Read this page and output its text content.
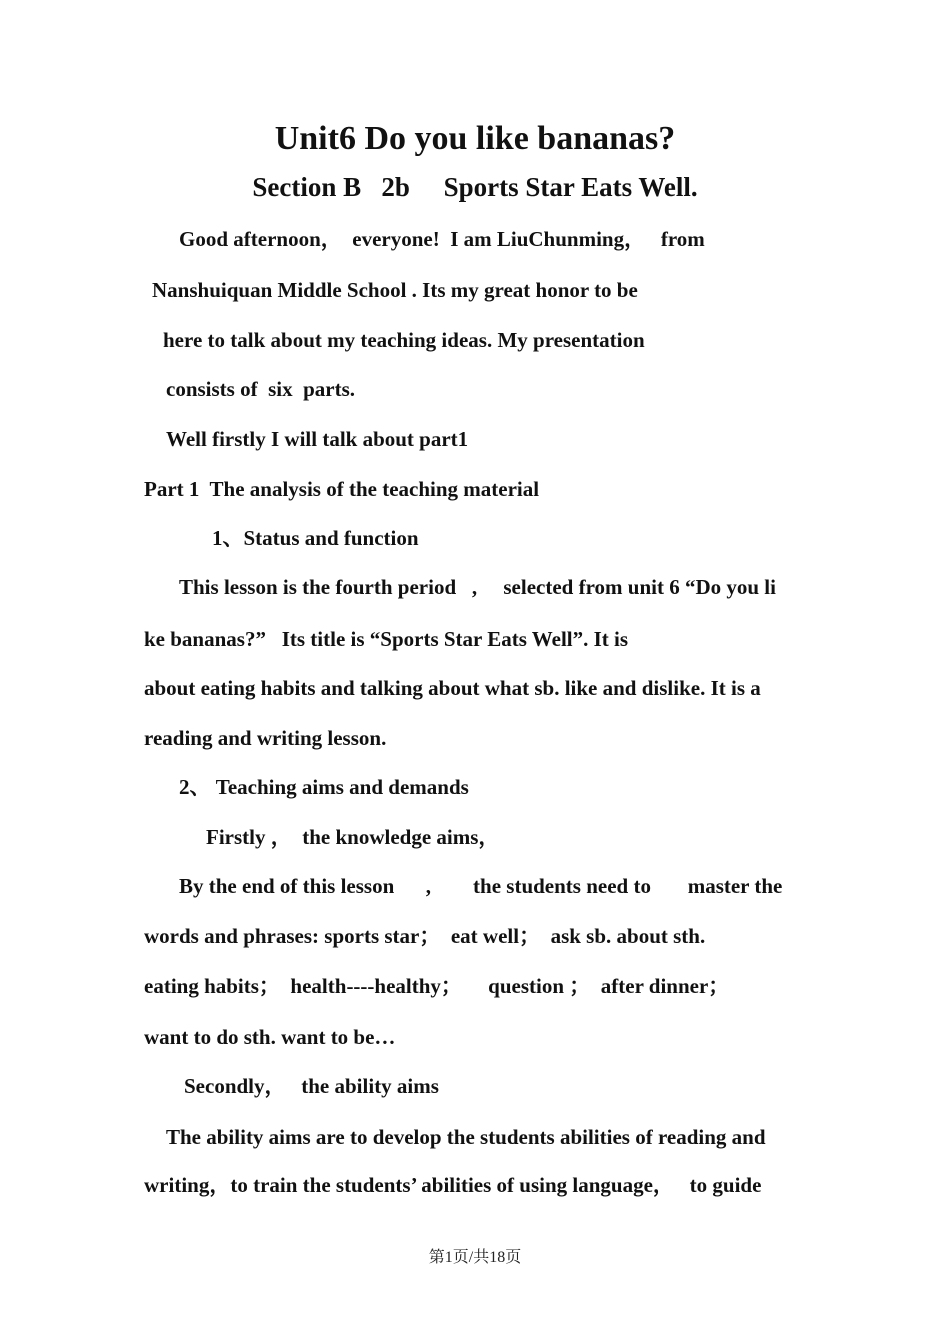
Unit6 Do you like bananas?
Section B   2b     Sports Star Eats Well.
Good afternoon，  everyone!  I am LiuChunming，   from
Nanshuiquan Middle School . Its my great honor to be
here to talk about my teaching ideas. My presentation
consists of  six  parts.
Well firstly I will talk about part1
Part 1  The analysis of the teaching material
1、Status and function
This lesson is the fourth period   ,     selected from unit 6 “Do you li
ke bananas?”   Its title is “Sports Star Eats Well”. It is
about eating habits and talking about what sb. like and dislike. It is a
reading and writing lesson.
2、 Teaching aims and demands
Firstly ，  the knowledge aims，
By the end of this lesson      ,        the students need to       master the
words and phrases: sports star；  eat well；  ask sb. about sth.
eating habits；  health----healthy；     question ；  after dinner；
want to do sth. want to be…
Secondly，   the ability aims
The ability aims are to develop the students abilities of reading and
writing，to train the students’ abilities of using language，   to guide
第1页/共18页
